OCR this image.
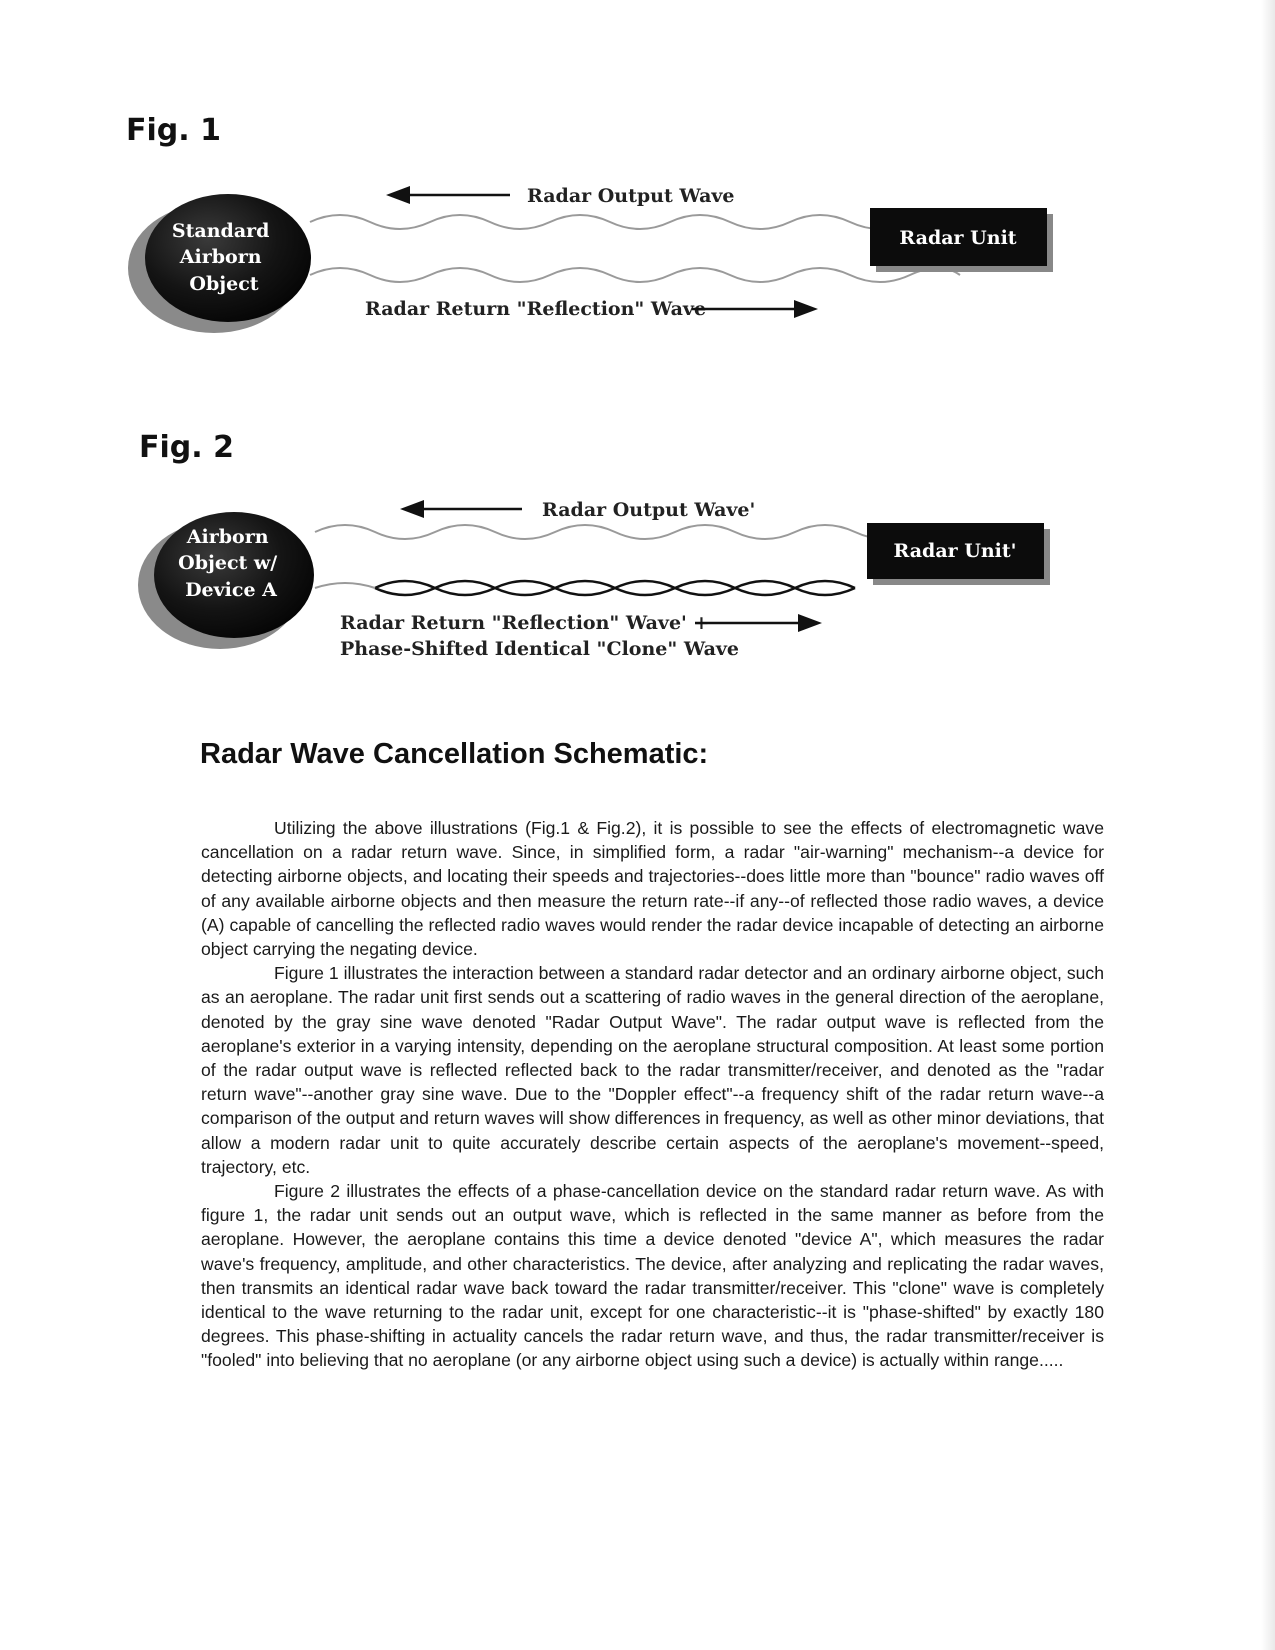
Fig. 1
Standard Airborn Object
Radar Output Wave
Radar Unit
Radar Return "Reflection" Wave
Fig. 2
Airborn Object w/ Device A
Radar Output Wave'
Radar Unit'
Radar Return "Reflection" Wave' + Phase-Shifted Identical "Clone" Wave
Radar Wave Cancellation Schematic:

Utilizing the above illustrations (Fig.1 & Fig.2), it is possible to see the effects of electromagnetic wave cancellation on a radar return wave. Since, in simplified form, a radar "air-warning" mechanism--a device for detecting airborne objects, and locating their speeds and trajectories--does little more than "bounce" radio waves off of any available airborne objects and then measure the return rate--if any--of reflected those radio waves, a device (A) capable of cancelling the reflected radio waves would render the radar device incapable of detecting an airborne object carrying the negating device.

Figure 1 illustrates the interaction between a standard radar detector and an ordinary airborne object, such as an aeroplane. The radar unit first sends out a scattering of radio waves in the general direction of the aeroplane, denoted by the gray sine wave denoted "Radar Output Wave". The radar output wave is reflected from the aeroplane's exterior in a varying intensity, depending on the aeroplane structural composition. At least some portion of the radar output wave is reflected reflected back to the radar transmitter/receiver, and denoted as the "radar return wave"--another gray sine wave. Due to the "Doppler effect"--a frequency shift of the radar return wave--a comparison of the output and return waves will show differences in frequency, as well as other minor deviations, that allow a modern radar unit to quite accurately describe certain aspects of the aeroplane's movement--speed, trajectory, etc.

Figure 2 illustrates the effects of a phase-cancellation device on the standard radar return wave. As with figure 1, the radar unit sends out an output wave, which is reflected in the same manner as before from the aeroplane. However, the aeroplane contains this time a device denoted "device A", which measures the radar wave's frequency, amplitude, and other characteristics. The device, after analyzing and replicating the radar waves, then transmits an identical radar wave back toward the radar transmitter/receiver. This "clone" wave is completely identical to the wave returning to the radar unit, except for one characteristic--it is "phase-shifted" by exactly 180 degrees. This phase-shifting in actuality cancels the radar return wave, and thus, the radar transmitter/receiver is "fooled" into believing that no aeroplane (or any airborne object using such a device) is actually within range.....
